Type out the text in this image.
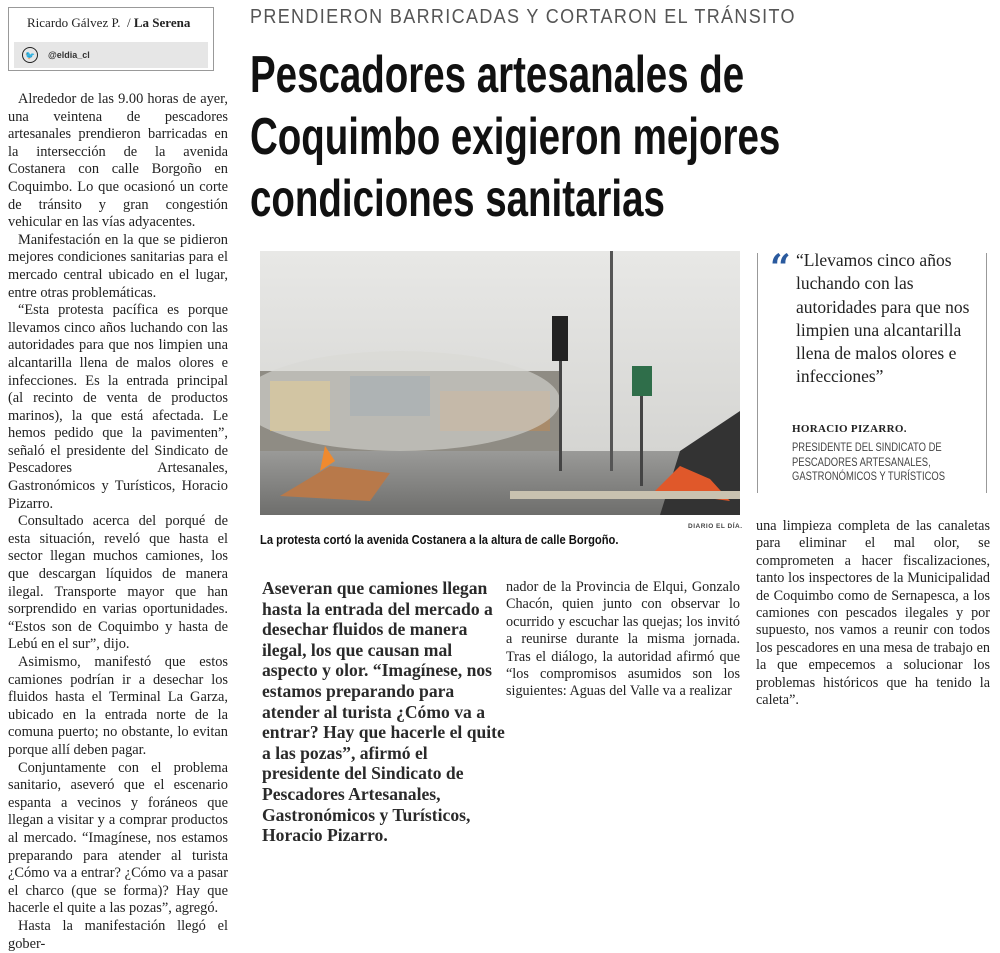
Ricardo Gálvez P. / La Serena
🐦	@eldia_cl

Alrededor de las 9.00 horas de ayer, una veintena de pescadores artesanales prendieron barricadas en la intersección de la avenida Costanera con calle Borgoño en Coquimbo. Lo que ocasionó un corte de tránsito y gran congestión vehicular en las vías adyacentes.

Manifestación en la que se pidieron mejores condiciones sanitarias para el mercado central ubicado en el lugar, entre otras problemáticas.

“Esta protesta pacífica es porque llevamos cinco años luchando con las autoridades para que nos limpien una alcantarilla llena de malos olores e infecciones. Es la entrada principal (al recinto de venta de productos marinos), la que está afectada. Le hemos pedido que la pavimenten”, señaló el presidente del Sindicato de Pescadores Artesanales, Gastronómicos y Turísticos, Horacio Pizarro.

Consultado acerca del porqué de esta situación, reveló que hasta el sector llegan muchos camiones, los que descargan líquidos de manera ilegal. Transporte mayor que han sorprendido en varias oportunidades. “Estos son de Coquimbo y hasta de Lebú en el sur”, dijo.

Asimismo, manifestó que estos camiones podrían ir a desechar los fluidos hasta el Terminal La Garza, ubicado en la entrada norte de la comuna puerto; no obstante, lo evitan porque allí deben pagar.

Conjuntamente con el problema sanitario, aseveró que el escenario espanta a vecinos y foráneos que llegan a visitar y a comprar productos al mercado. “Imagínese, nos estamos preparando para atender al turista ¿Cómo va a entrar? ¿Cómo va a pasar el charco (que se forma)? Hay que hacerle el quite a las pozas”, agregó.

Hasta la manifestación llegó el gober-

PRENDIERON BARRICADAS Y CORTARON EL TRÁNSITO
Pescadores artesanales de Coquimbo exigieron mejores condiciones sanitarias
DIARIO EL DÍA.
La protesta cortó la avenida Costanera a la altura de calle Borgoño.

Aseveran que camiones llegan hasta la entrada del mercado a desechar fluidos de manera ilegal, los que causan mal aspecto y olor. “Imagínese, nos estamos preparando para atender al turista ¿Cómo va a entrar? Hay que hacerle el quite a las pozas”, afirmó el presidente del Sindicato de Pescadores Artesanales, Gastronómicos y Turísticos, Horacio Pizarro.

nador de la Provincia de Elqui, Gonzalo Chacón, quien junto con observar lo ocurrido y escuchar las quejas; los invitó a reunirse durante la misma jornada. Tras el diálogo, la autoridad afirmó que “los compromisos asumidos son los siguientes: Aguas del Valle va a realizar

una limpieza completa de las canaletas para eliminar el mal olor, se comprometen a hacer fiscalizaciones, tanto los inspectores de la Municipalidad de Coquimbo como de Sernapesca, a los camiones con pescados ilegales y por supuesto, nos vamos a reunir con todos los pescadores en una mesa de trabajo en la que empecemos a solucionar los problemas históricos que ha tenido la caleta”.

“ “Llevamos cinco años luchando con las autoridades para que nos limpien una alcantarilla llena de malos olores e infecciones”

HORACIO PIZARRO.
PRESIDENTE DEL SINDICATO DE PESCADORES ARTESANALES, GASTRONÓMICOS Y TURÍSTICOS
